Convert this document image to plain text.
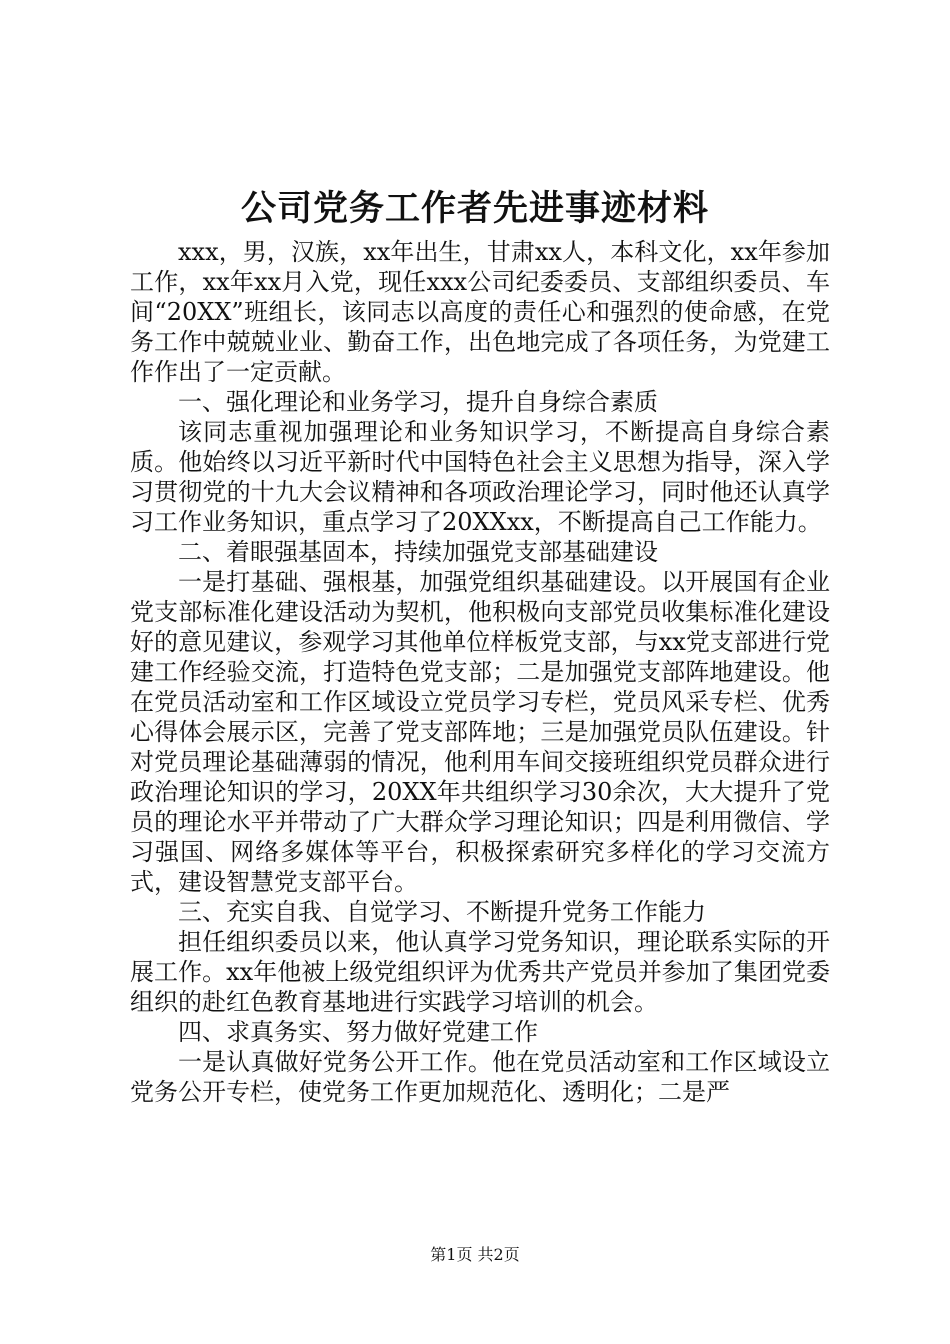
公司党务工作者先进事迹材料

xxx，男，汉族，xx年出生，甘肃xx人，本科文化，xx年参加工作，xx年xx月入党，现任xxx公司纪委委员、支部组织委员、车间“20XX”班组长，该同志以高度的责任心和强烈的使命感，在党务工作中兢兢业业、勤奋工作，出色地完成了各项任务，为党建工作作出了一定贡献。

一、强化理论和业务学习，提升自身综合素质

该同志重视加强理论和业务知识学习，不断提高自身综合素质。他始终以习近平新时代中国特色社会主义思想为指导，深入学习贯彻党的十九大会议精神和各项政治理论学习，同时他还认真学习工作业务知识，重点学习了20XXxx，不断提高自己工作能力。

二、着眼强基固本，持续加强党支部基础建设

一是打基础、强根基，加强党组织基础建设。以开展国有企业党支部标准化建设活动为契机，他积极向支部党员收集标准化建设好的意见建议，参观学习其他单位样板党支部，与xx党支部进行党建工作经验交流，打造特色党支部；二是加强党支部阵地建设。他在党员活动室和工作区域设立党员学习专栏，党员风采专栏、优秀心得体会展示区，完善了党支部阵地；三是加强党员队伍建设。针对党员理论基础薄弱的情况，他利用车间交接班组织党员群众进行政治理论知识的学习，20XX年共组织学习30余次，大大提升了党员的理论水平并带动了广大群众学习理论知识；四是利用微信、学习强国、网络多媒体等平台，积极探索研究多样化的学习交流方式，建设智慧党支部平台。

三、充实自我、自觉学习、不断提升党务工作能力

担任组织委员以来，他认真学习党务知识，理论联系实际的开展工作。xx年他被上级党组织评为优秀共产党员并参加了集团党委组织的赴红色教育基地进行实践学习培训的机会。

四、求真务实、努力做好党建工作

一是认真做好党务公开工作。他在党员活动室和工作区域设立党务公开专栏，使党务工作更加规范化、透明化；二是严

第1页 共2页
